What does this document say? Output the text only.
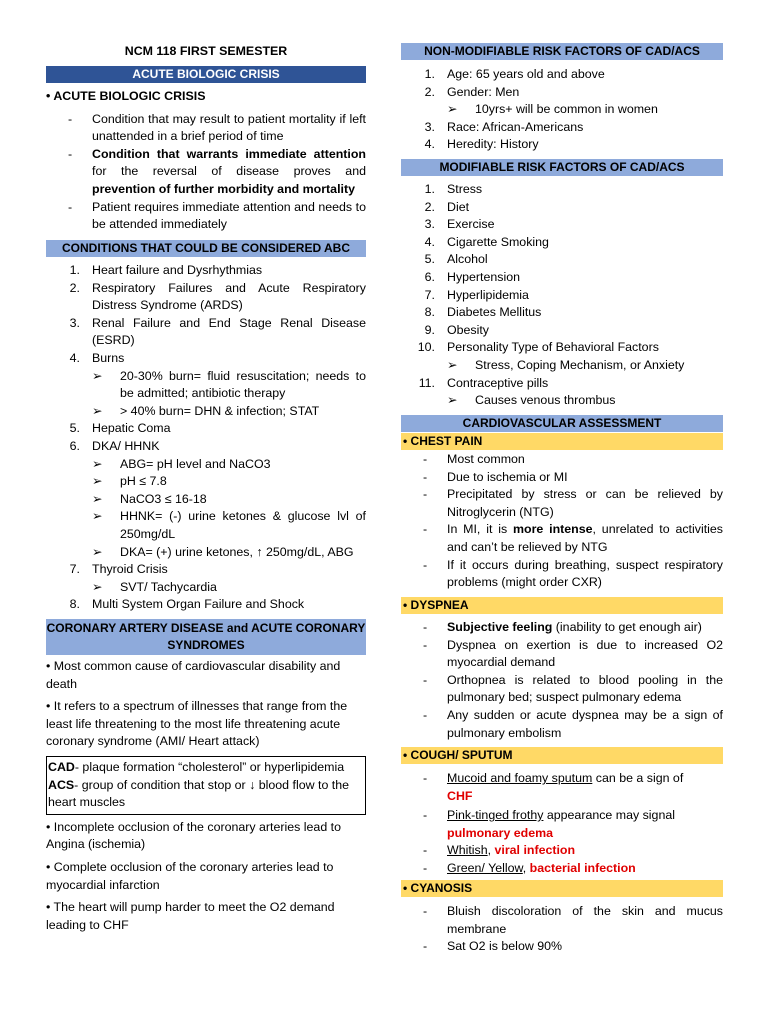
NCM 118 FIRST SEMESTER
ACUTE BIOLOGIC CRISIS
• ACUTE BIOLOGIC CRISIS
- Condition that may result to patient mortality if left unattended in a brief period of time
- Condition that warrants immediate attention for the reversal of disease proves and prevention of further morbidity and mortality
- Patient requires immediate attention and needs to be attended immediately
CONDITIONS THAT COULD BE CONSIDERED ABC
1. Heart failure and Dysrhythmias
2. Respiratory Failures and Acute Respiratory Distress Syndrome (ARDS)
3. Renal Failure and End Stage Renal Disease (ESRD)
4. Burns
➢ 20-30% burn= fluid resuscitation; needs to be admitted; antibiotic therapy
➢ > 40% burn= DHN & infection; STAT
5. Hepatic Coma
6. DKA/ HHNK
➢ ABG= pH level and NaCO3
➢ pH ≤ 7.8
➢ NaCO3 ≤ 16-18
➢ HHNK= (-) urine ketones & glucose lvl of 250mg/dL
➢ DKA= (+) urine ketones, ↑ 250mg/dL, ABG
7. Thyroid Crisis
➢ SVT/ Tachycardia
8. Multi System Organ Failure and Shock
CORONARY ARTERY DISEASE and ACUTE CORONARY SYNDROMES
• Most common cause of cardiovascular disability and death
• It refers to a spectrum of illnesses that range from the least life threatening to the most life threatening acute coronary syndrome (AMI/ Heart attack)
CAD- plaque formation “cholesterol” or hyperlipidemia
ACS- group of condition that stop or ↓ blood flow to the heart muscles
• Incomplete occlusion of the coronary arteries lead to Angina (ischemia)
• Complete occlusion of the coronary arteries lead to myocardial infarction
• The heart will pump harder to meet the O2 demand leading to CHF
NON-MODIFIABLE RISK FACTORS OF CAD/ACS
1. Age: 65 years old and above
2. Gender: Men
➢ 10yrs+ will be common in women
3. Race: African-Americans
4. Heredity: History
MODIFIABLE RISK FACTORS OF CAD/ACS
1. Stress
2. Diet
3. Exercise
4. Cigarette Smoking
5. Alcohol
6. Hypertension
7. Hyperlipidemia
8. Diabetes Mellitus
9. Obesity
10. Personality Type of Behavioral Factors
➢ Stress, Coping Mechanism, or Anxiety
11. Contraceptive pills
➢ Causes venous thrombus
CARDIOVASCULAR ASSESSMENT
• CHEST PAIN
- Most common
- Due to ischemia or MI
- Precipitated by stress or can be relieved by Nitroglycerin (NTG)
- In MI, it is more intense, unrelated to activities and can’t be relieved by NTG
- If it occurs during breathing, suspect respiratory problems (might order CXR)
• DYSPNEA
- Subjective feeling (inability to get enough air)
- Dyspnea on exertion is due to increased O2 myocardial demand
- Orthopnea is related to blood pooling in the pulmonary bed; suspect pulmonary edema
- Any sudden or acute dyspnea may be a sign of pulmonary embolism
• COUGH/ SPUTUM
- Mucoid and foamy sputum can be a sign of
CHF
- Pink-tinged frothy appearance may signal
pulmonary edema
- Whitish, viral infection
- Green/ Yellow, bacterial infection
• CYANOSIS
- Bluish discoloration of the skin and mucus membrane
- Sat O2 is below 90%
